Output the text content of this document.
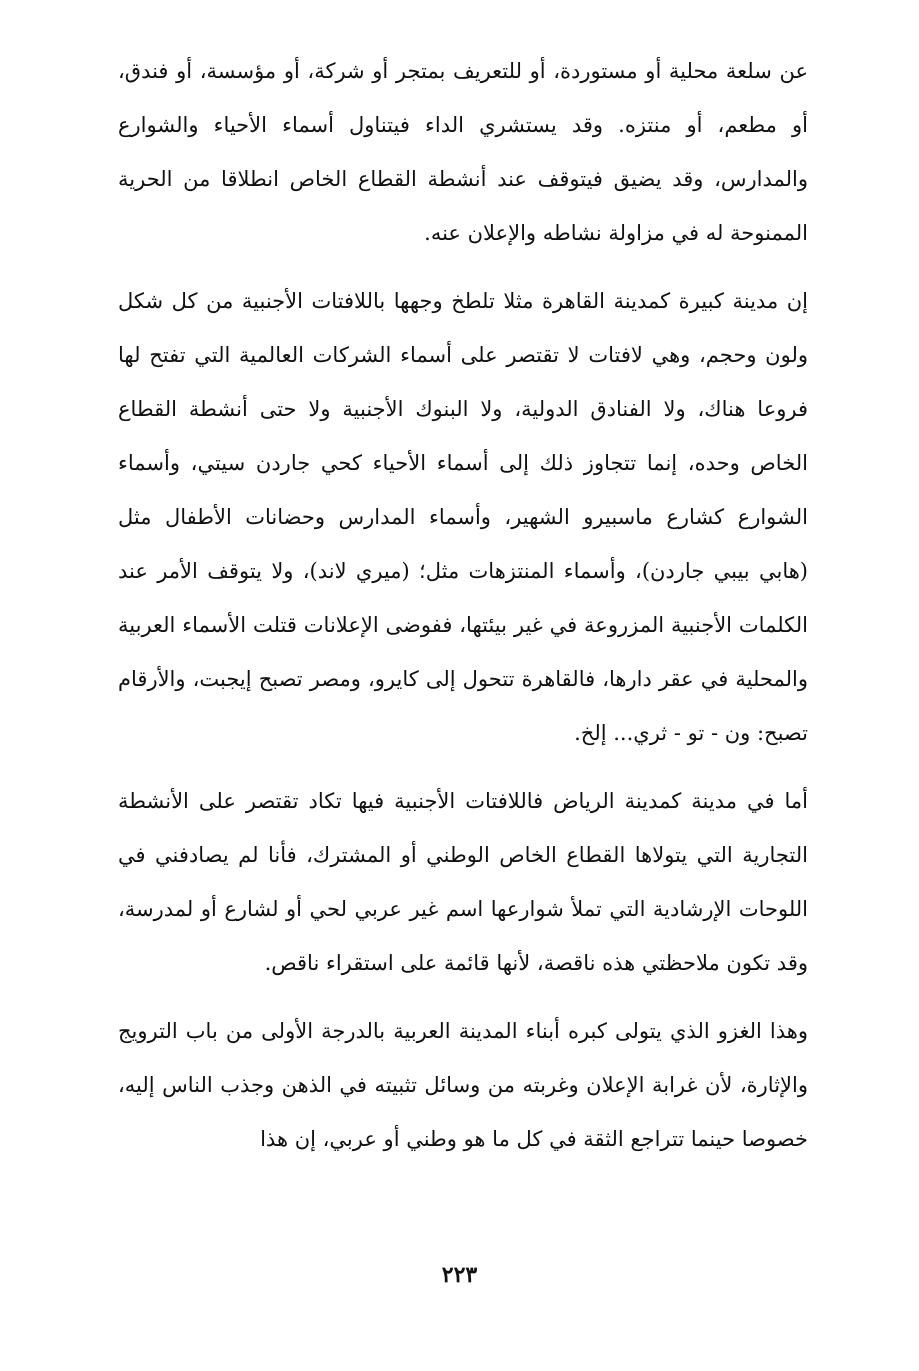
عن سلعة محلية أو مستوردة، أو للتعريف بمتجر أو شركة، أو مؤسسة، أو فندق، أو مطعم، أو منتزه. وقد يستشري الداء فيتناول أسماء الأحياء والشوارع والمدارس، وقد يضيق فيتوقف عند أنشطة القطاع الخاص انطلاقا من الحرية الممنوحة له في مزاولة نشاطه والإعلان عنه.

إن مدينة كبيرة كمدينة القاهرة مثلا تلطخ وجهها باللافتات الأجنبية من كل شكل ولون وحجم، وهي لافتات لا تقتصر على أسماء الشركات العالمية التي تفتح لها فروعا هناك، ولا الفنادق الدولية، ولا البنوك الأجنبية ولا حتى أنشطة القطاع الخاص وحده، إنما تتجاوز ذلك إلى أسماء الأحياء كحي جاردن سيتي، وأسماء الشوارع كشارع ماسبيرو الشهير، وأسماء المدارس وحضانات الأطفال مثل (هابي بيبي جاردن)، وأسماء المنتزهات مثل؛ (ميري لاند)، ولا يتوقف الأمر عند الكلمات الأجنبية المزروعة في غير بيئتها، ففوضى الإعلانات قتلت الأسماء العربية والمحلية في عقر دارها، فالقاهرة تتحول إلى كايرو، ومصر تصبح إيجبت، والأرقام تصبح: ون - تو - ثري... إلخ.

أما في مدينة كمدينة الرياض فاللافتات الأجنبية فيها تكاد تقتصر على الأنشطة التجارية التي يتولاها القطاع الخاص الوطني أو المشترك، فأنا لم يصادفني في اللوحات الإرشادية التي تملأ شوارعها اسم غير عربي لحي أو لشارع أو لمدرسة، وقد تكون ملاحظتي هذه ناقصة، لأنها قائمة على استقراء ناقص.

وهذا الغزو الذي يتولى كبره أبناء المدينة العربية بالدرجة الأولى من باب الترويج والإثارة، لأن غرابة الإعلان وغربته من وسائل تثبيته في الذهن وجذب الناس إليه، خصوصا حينما تتراجع الثقة في كل ما هو وطني أو عربي، إن هذا

٢٢٣
